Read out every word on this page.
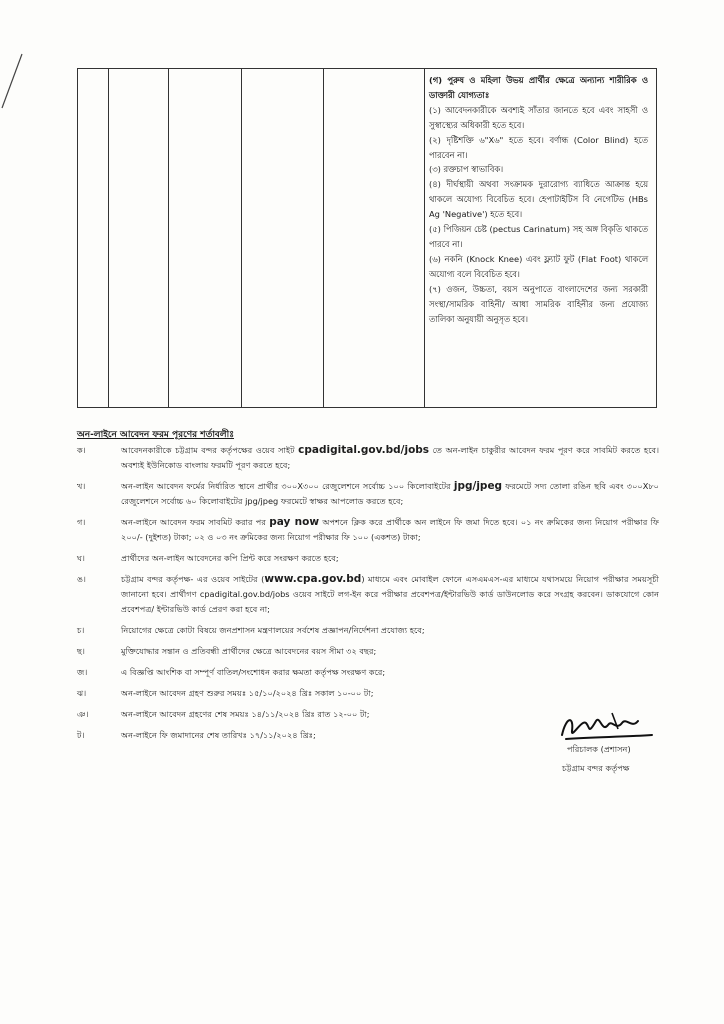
(গ) পুরুষ ও মহিলা উভয় প্রার্থীর ক্ষেত্রে অন্যান্য শারীরিক ও ডাক্তারী যোগ্যতাঃ

(১) আবেদনকারীকে অবশ্যই সাঁতার জানতে হবে এবং সাহসী ও সুস্বাস্থ্যের অধিকারী হতে হবে।

(২) দৃষ্টিশক্তি ৬"X৬" হতে হবে। বর্ণান্ধ (Color Blind) হতে পারবেন না।

(৩) রক্তচাপ স্বাভাবিক।

(৪) দীর্ঘস্থায়ী অথবা সংক্রামক দুরারোগ্য ব্যাধিতে আক্রান্ত হয়ে থাকলে অযোগ্য বিবেচিত হবে। হেপাটাইটিস বি নেগেটিভ (HBs Ag 'Negative') হতে হবে।

(৫) পিজিয়ন চেষ্ট (pectus Carinatum) সহ অঙ্গ বিকৃতি থাকতে পারবে না।

(৬) নকনি (Knock Knee) এবং ফ্ল্যাট ফুট (Flat Foot) থাকলে অযোগ্য বলে বিবেচিত হবে।

(৭) ওজন, উচ্চতা, বয়স অনুপাতে বাংলাদেশের জন্য সরকারী সংস্থা/সামরিক বাহিনী/ আধা সামরিক বাহিনীর জন্য প্রযোজ্য তালিকা অনুযায়ী অনুসৃত হবে।

অন-লাইনে আবেদন ফরম পূরণের শর্তাবলীঃ
ক।	আবেদনকারীকে চট্টগ্রাম বন্দর কর্তৃপক্ষের ওয়েব সাইট cpadigital.gov.bd/jobs তে অন-লাইন চাকুরীর আবেদন ফরম পূরণ করে সাবমিট করতে হবে। অবশ্যই ইউনিকোড বাংলায় ফরমটি পূরণ করতে হবে;
খ।	অন-লাইন আবেদন ফর্মের নির্ধারিত স্থানে প্রার্থীর ৩০০X৩০০ রেজুলেশনে সর্বোচ্চ ১০০ কিলোবাইটের jpg/jpeg ফরমেটে সদ্য তোলা রঙিন ছবি এবং ৩০০X৮০ রেজুলেশনে সর্বোচ্চ ৬০ কিলোবাইটের jpg/jpeg ফরমেটে স্বাক্ষর আপলোড করতে হবে;
গ।	অন-লাইনে আবেদন ফরম সাবমিট করার পর pay now অপশনে ক্লিক করে প্রার্থীকে অন লাইনে ফি জমা দিতে হবে। ০১ নং ক্রমিকের জন্য নিয়োগ পরীক্ষার ফি ২০০/- (দুইশত) টাকা; ০২ ও ০৩ নং ক্রমিকের জন্য নিয়োগ পরীক্ষার ফি ১০০ (একশত) টাকা;
ঘ।	প্রার্থীদের অন-লাইন আবেদনের কপি প্রিন্ট করে সংরক্ষণ করতে হবে;
ঙ।	চট্টগ্রাম বন্দর কর্তৃপক্ষ- এর ওয়েব সাইটের (www.cpa.gov.bd) মাধ্যমে এবং মোবাইল ফোনে এসএমএস-এর মাধ্যমে যথাসময়ে নিয়োগ পরীক্ষার সময়সূচী জানানো হবে। প্রার্থীগণ cpadigital.gov.bd/jobs ওয়েব সাইটে লগ-ইন করে পরীক্ষার প্রবেশপত্র/ইন্টারভিউ কার্ড ডাউনলোড করে সংগ্রহ করবেন। ডাকযোগে কোন প্রবেশপত্র/ ইন্টারভিউ কার্ড প্রেরণ করা হবে না;
চ।	নিয়োগের ক্ষেত্রে কোটা বিষয়ে জনপ্রশাসন মন্ত্রণালয়ের সর্বশেষ প্রজ্ঞাপন/নির্দেশনা প্রযোজ্য হবে;
ছ।	মুক্তিযোদ্ধার সন্তান ও প্রতিবন্ধী প্রার্থীদের ক্ষেত্রে আবেদনের বয়স সীমা ৩২ বছর;
জ।	এ বিজ্ঞপ্তি আংশিক বা সম্পূর্ণ বাতিল/সংশোধন করার ক্ষমতা কর্তৃপক্ষ সংরক্ষণ করে;
ঝ।	অন-লাইনে আবেদন গ্রহণ শুরুর সময়ঃ ১৫/১০/২০২৪ খ্রিঃ সকাল ১০-০০ টা;
ঞ।	অন-লাইনে আবেদন গ্রহণের শেষ সময়ঃ ১৪/১১/২০২৪ খ্রিঃ রাত ১২-০০ টা;
ট।	অন-লাইনে ফি জমাদানের শেষ তারিখঃ ১৭/১১/২০২৪ খ্রিঃ;
পরিচালক (প্রশাসন)
চট্টগ্রাম বন্দর কর্তৃপক্ষ
